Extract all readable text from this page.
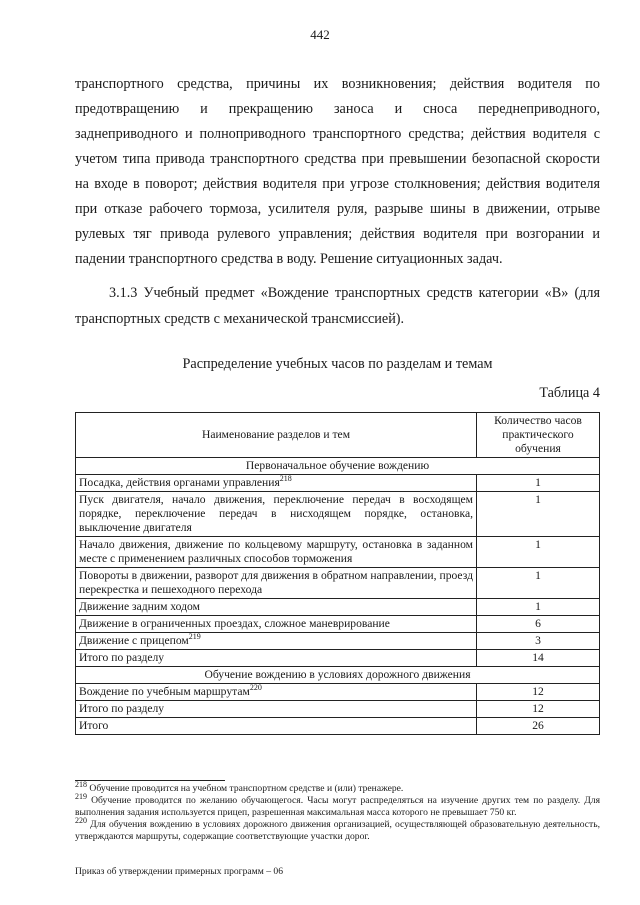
442

транспортного средства, причины их возникновения; действия водителя по предотвращению и прекращению заноса и сноса переднеприводного, заднеприводного и полноприводного транспортного средства; действия водителя с учетом типа привода транспортного средства при превышении безопасной скорости на входе в поворот; действия водителя при угрозе столкновения; действия водителя при отказе рабочего тормоза, усилителя руля, разрыве шины в движении, отрыве рулевых тяг привода рулевого управления; действия водителя при возгорании и падении транспортного средства в воду. Решение ситуационных задач.

3.1.3 Учебный предмет «Вождение транспортных средств категории «B» (для транспортных средств с механической трансмиссией).

Распределение учебных часов по разделам и темам
Таблица 4
Наименование разделов и тем	Количество часов практического обучения
Первоначальное обучение вождению	
Посадка, действия органами управления$^{218}$	1
Пуск двигателя, начало движения, переключение передач в восходящем порядке, переключение передач в нисходящем порядке, остановка, выключение двигателя	1
Начало движения, движение по кольцевому маршруту, остановка в заданном месте с применением различных способов торможения	1
Повороты в движении, разворот для движения в обратном направлении, проезд перекрестка и пешеходного перехода	1
Движение задним ходом	1
Движение в ограниченных проездах, сложное маневрирование	6
Движение с прицепом$^{219}$	3
Итого по разделу	14
Обучение вождению в условиях дорожного движения	
Вождение по учебным маршрутам$^{220}$	12
Итого по разделу	12
Итого	26

$^{218}$ Обучение проводится на учебном транспортном средстве и (или) тренажере.

$^{219}$ Обучение проводится по желанию обучающегося. Часы могут распределяться на изучение других тем по разделу. Для выполнения задания используется прицеп, разрешенная максимальная масса которого не превышает 750 кг.

$^{220}$ Для обучения вождению в условиях дорожного движения организацией, осуществляющей образовательную деятельность, утверждаются маршруты, содержащие соответствующие участки дорог.

Приказ об утверждении примерных программ – 06
